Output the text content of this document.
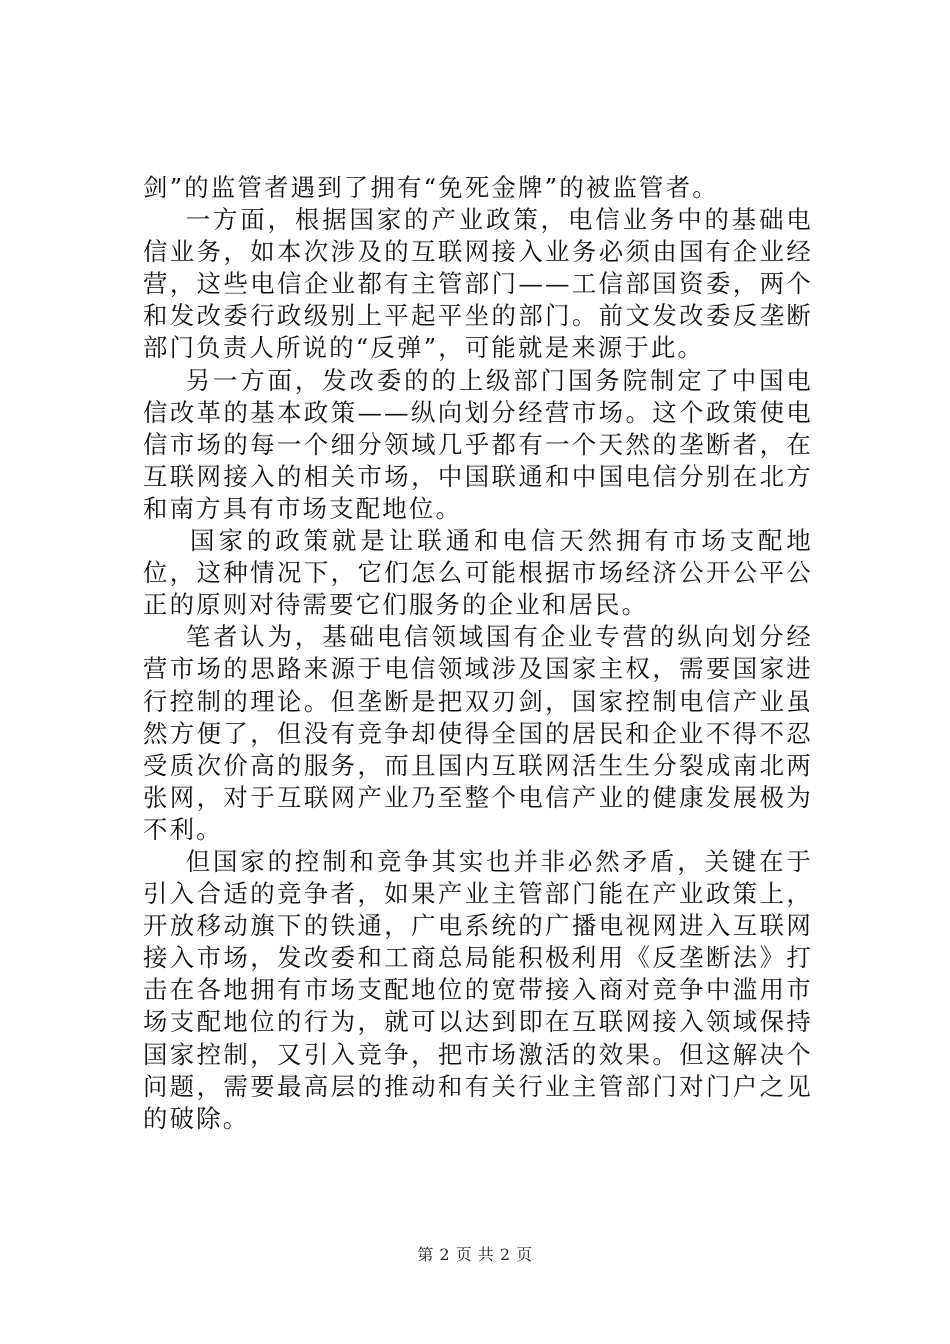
剑”的监管者遇到了拥有“免死金牌”的被监管者。

一方面，根据国家的产业政策，电信业务中的基础电信业务，如本次涉及的互联网接入业务必须由国有企业经营，这些电信企业都有主管部门——工信部国资委，两个和发改委行政级别上平起平坐的部门。前文发改委反垄断部门负责人所说的“反弹”，可能就是来源于此。

另一方面，发改委的的上级部门国务院制定了中国电信改革的基本政策——纵向划分经营市场。这个政策使电信市场的每一个细分领域几乎都有一个天然的垄断者，在互联网接入的相关市场，中国联通和中国电信分别在北方和南方具有市场支配地位。

国家的政策就是让联通和电信天然拥有市场支配地位，这种情况下，它们怎么可能根据市场经济公开公平公正的原则对待需要它们服务的企业和居民。

笔者认为，基础电信领域国有企业专营的纵向划分经营市场的思路来源于电信领域涉及国家主权，需要国家进行控制的理论。但垄断是把双刃剑，国家控制电信产业虽然方便了，但没有竞争却使得全国的居民和企业不得不忍受质次价高的服务，而且国内互联网活生生分裂成南北两张网，对于互联网产业乃至整个电信产业的健康发展极为不利。

但国家的控制和竞争其实也并非必然矛盾，关键在于引入合适的竞争者，如果产业主管部门能在产业政策上，开放移动旗下的铁通，广电系统的广播电视网进入互联网接入市场，发改委和工商总局能积极利用《反垄断法》打击在各地拥有市场支配地位的宽带接入商对竞争中滥用市场支配地位的行为，就可以达到即在互联网接入领域保持国家控制，又引入竞争，把市场激活的效果。但这解决个问题，需要最高层的推动和有关行业主管部门对门户之见的破除。

第 2 页 共 2 页
